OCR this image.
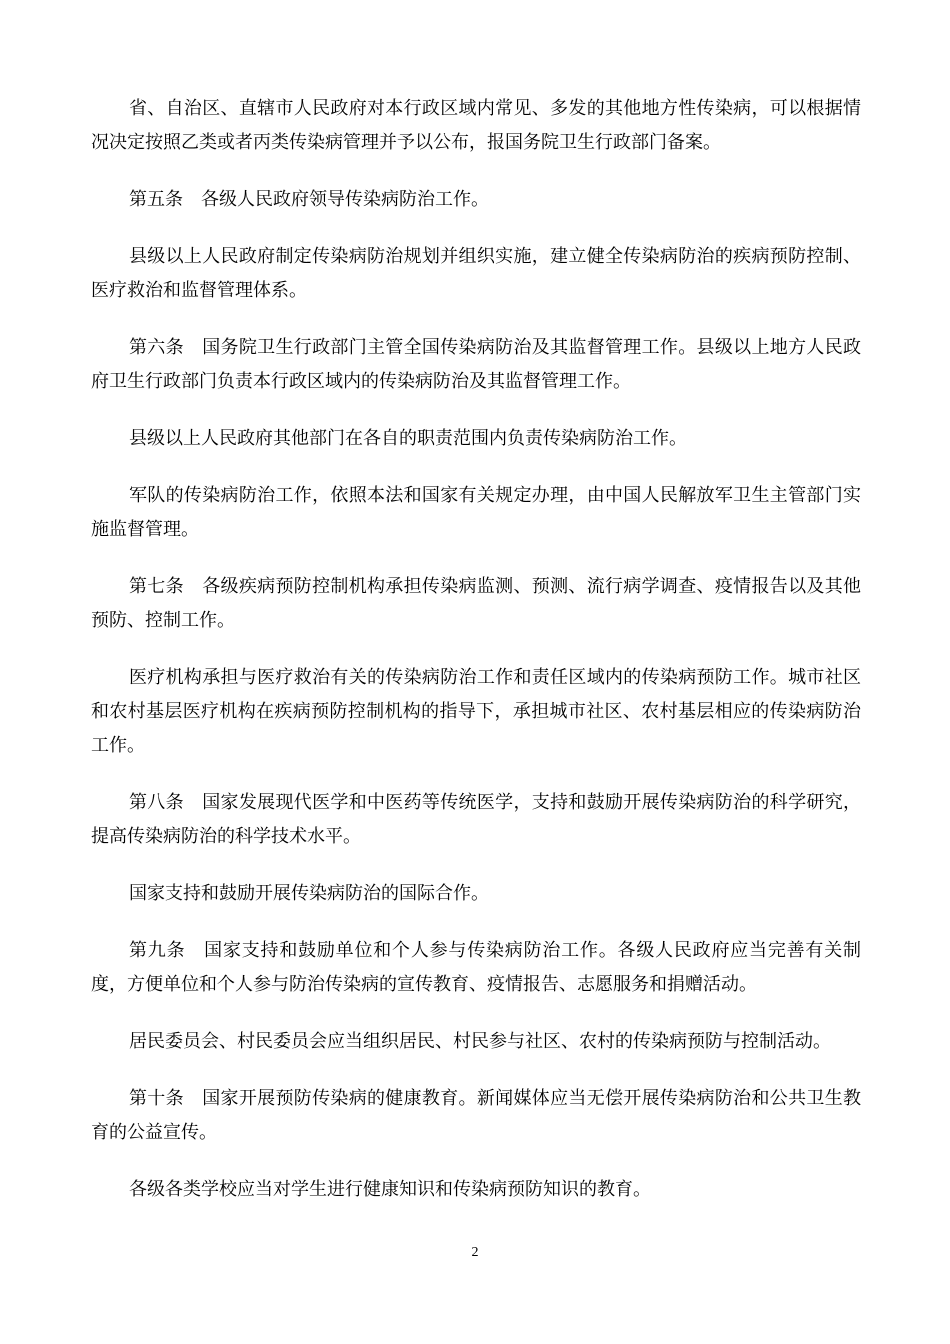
省、自治区、直辖市人民政府对本行政区域内常见、多发的其他地方性传染病，可以根据情况决定按照乙类或者丙类传染病管理并予以公布，报国务院卫生行政部门备案。

第五条　各级人民政府领导传染病防治工作。

县级以上人民政府制定传染病防治规划并组织实施，建立健全传染病防治的疾病预防控制、医疗救治和监督管理体系。

第六条　国务院卫生行政部门主管全国传染病防治及其监督管理工作。县级以上地方人民政府卫生行政部门负责本行政区域内的传染病防治及其监督管理工作。

县级以上人民政府其他部门在各自的职责范围内负责传染病防治工作。

军队的传染病防治工作，依照本法和国家有关规定办理，由中国人民解放军卫生主管部门实施监督管理。

第七条　各级疾病预防控制机构承担传染病监测、预测、流行病学调查、疫情报告以及其他预防、控制工作。

医疗机构承担与医疗救治有关的传染病防治工作和责任区域内的传染病预防工作。城市社区和农村基层医疗机构在疾病预防控制机构的指导下，承担城市社区、农村基层相应的传染病防治工作。

第八条　国家发展现代医学和中医药等传统医学，支持和鼓励开展传染病防治的科学研究，提高传染病防治的科学技术水平。

国家支持和鼓励开展传染病防治的国际合作。

第九条　国家支持和鼓励单位和个人参与传染病防治工作。各级人民政府应当完善有关制度，方便单位和个人参与防治传染病的宣传教育、疫情报告、志愿服务和捐赠活动。

居民委员会、村民委员会应当组织居民、村民参与社区、农村的传染病预防与控制活动。

第十条　国家开展预防传染病的健康教育。新闻媒体应当无偿开展传染病防治和公共卫生教育的公益宣传。

各级各类学校应当对学生进行健康知识和传染病预防知识的教育。

2
